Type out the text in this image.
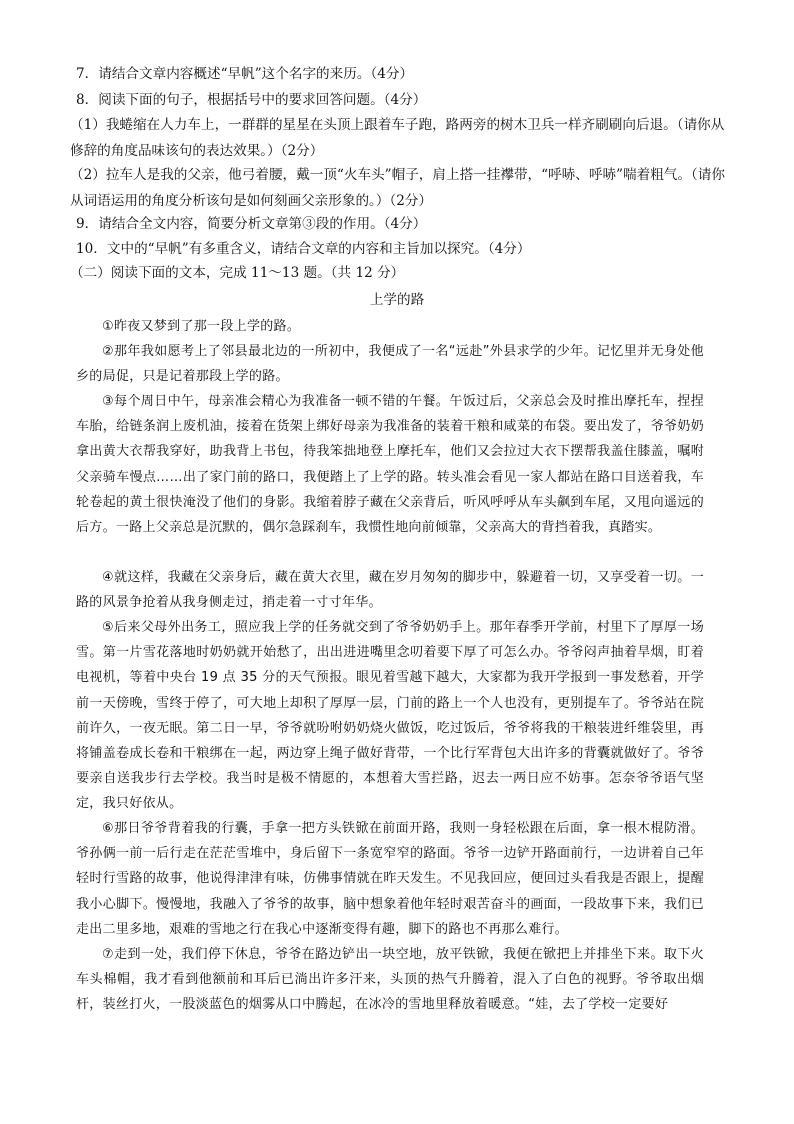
7．请结合文章内容概述“早帆”这个名字的来历。（4分）
8．阅读下面的句子，根据括号中的要求回答问题。（4分）
（1）我蜷缩在人力车上，一群群的星星在头顶上跟着车子跑，路两旁的树木卫兵一样齐刷刷向后退。（请你从修辞的角度品味该句的表达效果。）（2分）
（2）拉车人是我的父亲，他弓着腰，戴一顶“火车头”帽子，肩上搭一挂襻带，“呼哧、呼哧”喘着粗气。（请你从词语运用的角度分析该句是如何刻画父亲形象的。）（2分）
9．请结合全文内容，简要分析文章第③段的作用。（4分）
10．文中的“早帆”有多重含义，请结合文章的内容和主旨加以探究。（4分）
（二）阅读下面的文本，完成 11～13 题。（共 12 分）
上学的路
①昨夜又梦到了那一段上学的路。
②那年我如愿考上了邻县最北边的一所初中，我便成了一名“远赴”外县求学的少年。记忆里并无身处他乡的局促，只是记着那段上学的路。
③每个周日中午，母亲准会精心为我准备一顿不错的午餐。午饭过后，父亲总会及时推出摩托车，捏捏车胎，给链条润上废机油，接着在货架上绑好母亲为我准备的装着干粮和咸菜的布袋。要出发了，爷爷奶奶拿出黄大衣帮我穿好，助我背上书包，待我笨拙地登上摩托车，他们又会拉过大衣下摆帮我盖住膝盖，嘱咐父亲骑车慢点……出了家门前的路口，我便踏上了上学的路。转头准会看见一家人都站在路口目送着我，车轮卷起的黄土很快淹没了他们的身影。我缩着脖子藏在父亲背后，听风呼呼从车头飙到车尾，又甩向遥远的后方。一路上父亲总是沉默的，偶尔急踩刹车，我惯性地向前倾靠，父亲高大的背挡着我，真踏实。
④就这样，我藏在父亲身后，藏在黄大衣里，藏在岁月匆匆的脚步中，躲避着一切，又享受着一切。一路的风景争抢着从我身侧走过，捎走着一寸寸年华。
⑤后来父母外出务工，照应我上学的任务就交到了爷爷奶奶手上。那年春季开学前，村里下了厚厚一场雪。第一片雪花落地时奶奶就开始愁了，出出进进嘴里念叨着要下厚了可怎么办。爷爷闷声抽着旱烟，盯着电视机，等着中央台 19 点 35 分的天气预报。眼见着雪越下越大，大家都为我开学报到一事发愁着，开学前一天傍晚，雪终于停了，可大地上却积了厚厚一层，门前的路上一个人也没有，更别提车了。爷爷站在院前许久，一夜无眠。第二日一早，爷爷就吩咐奶奶烧火做饭，吃过饭后，爷爷将我的干粮装进纤维袋里，再将铺盖卷成长卷和干粮绑在一起，两边穿上绳子做好背带，一个比行军背包大出许多的背囊就做好了。爷爷要亲自送我步行去学校。我当时是极不情愿的，本想着大雪拦路，迟去一两日应不妨事。怎奈爷爷语气坚定，我只好依从。
⑥那日爷爷背着我的行囊，手拿一把方头铁锨在前面开路，我则一身轻松跟在后面，拿一根木棍防滑。爷孙俩一前一后行走在茫茫雪堆中，身后留下一条宽窄窄的路面。爷爷一边铲开路面前行，一边讲着自己年轻时行雪路的故事，他说得津津有味，仿佛事情就在昨天发生。不见我回应，便回过头看我是否跟上，提醒我小心脚下。慢慢地，我融入了爷爷的故事，脑中想象着他年轻时艰苦奋斗的画面，一段故事下来，我们已走出二里多地，艰难的雪地之行在我心中逐渐变得有趣，脚下的路也不再那么难行。
⑦走到一处，我们停下休息，爷爷在路边铲出一块空地，放平铁锨，我便在锨把上并排坐下来。取下火车头棉帽，我才看到他额前和耳后已淌出许多汗来，头顶的热气升腾着，混入了白色的视野。爷爷取出烟杆，装丝打火，一股淡蓝色的烟雾从口中腾起，在冰冷的雪地里释放着暖意。“娃，去了学校一定要好
